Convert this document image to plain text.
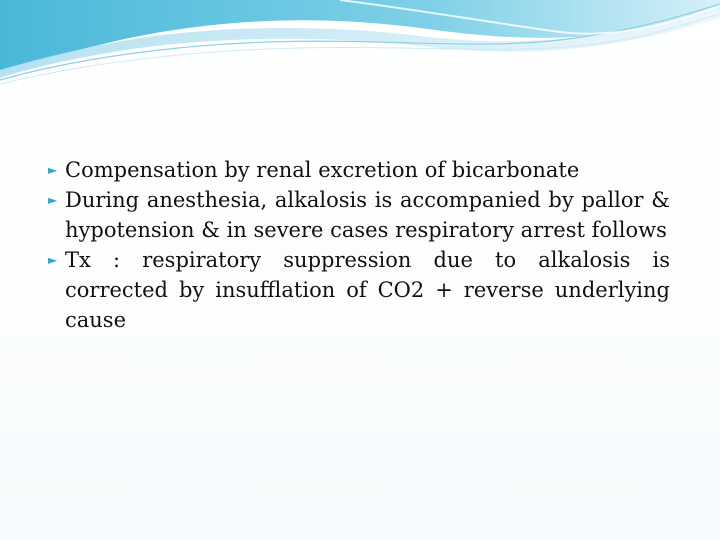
► Compensation by renal excretion of bicarbonate

► During anesthesia, alkalosis is accompanied by pallor & hypotension & in severe cases respiratory arrest follows

► Tx : respiratory suppression due to alkalosis is corrected by insufflation of CO2 + reverse underlying cause
